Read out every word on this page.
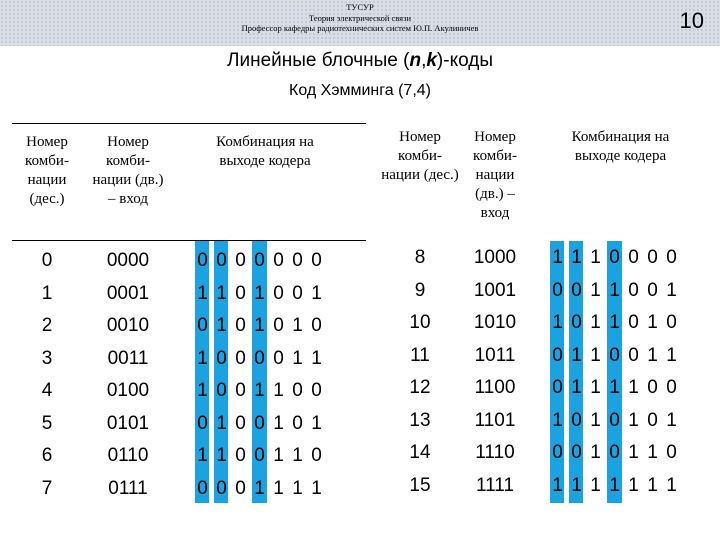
ТУСУР
Теория электрической связи
Профессор кафедры радиотехнических систем Ю.П. Акулиничев	10
Линейные блочные (n,k)-коды
Код Хэмминга (7,4)
Номер комби-нации (дес.)
Номер комби-нации (дв.) – вход
Комбинация на выходе кодера
Номер комби-нации (дес.)
Номер комби-нации (дв.) – вход
Комбинация на выходе кодера
0
1
2
3
4
5
6
7
0000
0001
0010
0011
0100
0101
0110
0111
0 0 0 0 0 0 0
1 1 0 1 0 0 1
0 1 0 1 0 1 0
1 0 0 0 0 1 1
1 0 0 1 1 0 0
0 1 0 0 1 0 1
1 1 0 0 1 1 0
0 0 0 1 1 1 1
8
9
10
11
12
13
14
15
1000
1001
1010
1011
1100
1101
1110
1111
1 1 1 0 0 0 0
0 0 1 1 0 0 1
1 0 1 1 0 1 0
0 1 1 0 0 1 1
0 1 1 1 1 0 0
1 0 1 0 1 0 1
0 0 1 0 1 1 0
1 1 1 1 1 1 1
